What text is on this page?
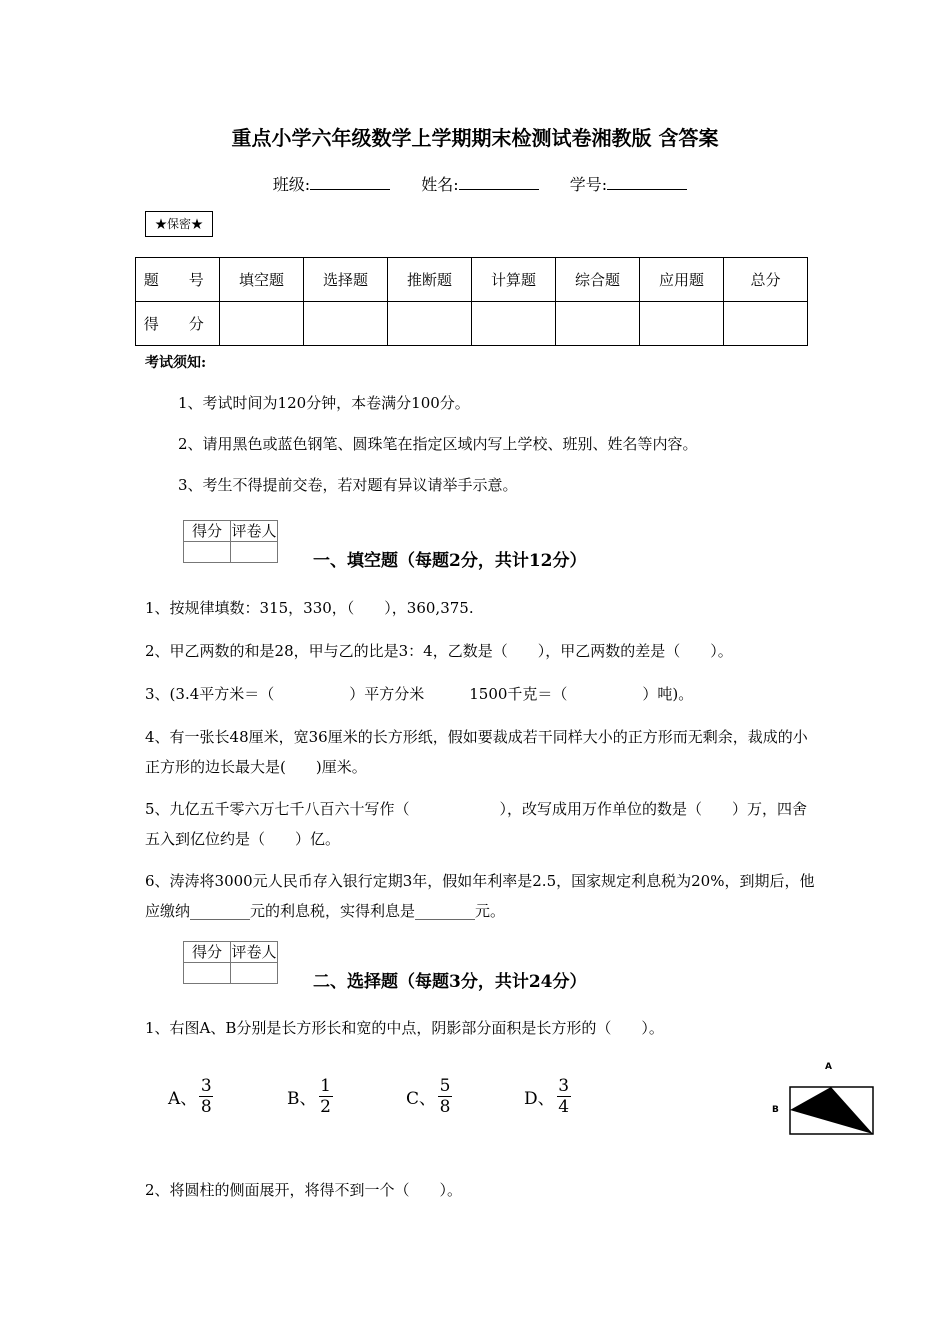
重点小学六年级数学上学期期末检测试卷湘教版 含答案
班级:	姓名:	学号:
★保密★
题　号	填空题	选择题	推断题	计算题	综合题	应用题	总分
得　分							
考试须知:
1、考试时间为120分钟，本卷满分100分。
2、请用黑色或蓝色钢笔、圆珠笔在指定区域内写上学校、班别、姓名等内容。
3、考生不得提前交卷，若对题有异议请举手示意。
得分	评卷人

一、填空题（每题2分，共计12分）
1、按规律填数：315，330，（　　），360,375.
2、甲乙两数的和是28，甲与乙的比是3：4，乙数是（　　），甲乙两数的差是（　　）。
3、(3.4平方米＝（　　　　　）平方分米　　　1500千克＝（　　　　　）吨)。
4、有一张长48厘米，宽36厘米的长方形纸，假如要裁成若干同样大小的正方形而无剩余，裁成的小正方形的边长最大是(　　)厘米。
5、九亿五千零六万七千八百六十写作（　　　　　　），改写成用万作单位的数是（　　）万，四舍五入到亿位约是（　　）亿。
6、涛涛将3000元人民币存入银行定期3年，假如年利率是2.5，国家规定利息税为20%，到期后，他应缴纳________元的利息税，实得利息是________元。
得分	评卷人

二、选择题（每题3分，共计24分）
1、右图A、B分别是长方形长和宽的中点，阴影部分面积是长方形的（　　）。
A、 $\frac{3}{8}$	B、 $\frac{1}{2}$	C、 $\frac{5}{8}$	D、 $\frac{3}{4}$
A
B
2、将圆柱的侧面展开，将得不到一个（　　）。
